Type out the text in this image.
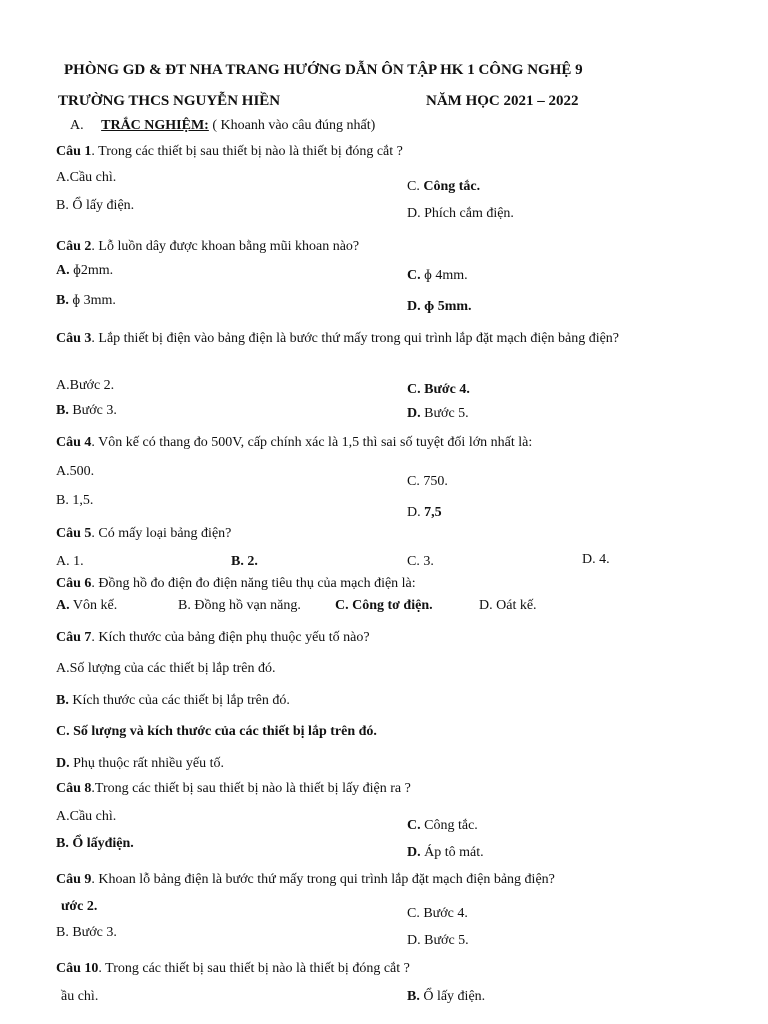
PHÒNG GD & ĐT NHA TRANG HƯỚNG DẪN ÔN TẬP HK 1 CÔNG NGHỆ 9
TRƯỜNG THCS NGUYỄN HIỀN	NĂM HỌC 2021 – 2022
A. TRẮC NGHIỆM: ( Khoanh vào câu đúng nhất)
Câu 1. Trong các thiết bị sau thiết bị nào là thiết bị đóng cắt ?
A.Cầu chì.
B. Ổ lấy điện.
C. Công tắc.
D. Phích cắm điện.
Câu 2. Lỗ luồn dây được khoan bằng mũi khoan nào?
A. ɸ2mm.
B. ɸ 3mm.
C. ɸ 4mm.
D. ɸ 5mm.
Câu 3. Lắp thiết bị điện vào bảng điện là bước thứ mấy trong qui trình lắp đặt mạch điện bảng điện?
A.Bước 2.
B. Bước 3.
C. Bước 4.
D. Bước 5.
Câu 4. Vôn kế có thang đo 500V, cấp chính xác là 1,5 thì sai số tuyệt đối lớn nhất là:
A.500.
B. 1,5.
C. 750.
D. 7,5
Câu 5. Có mấy loại bảng điện?
A. 1.	B. 2.	C. 3.	D. 4.
Câu 6. Đồng hồ đo điện đo điện năng tiêu thụ của mạch điện là:
A. Vôn kế.	B. Đồng hồ vạn năng. C. Công tơ điện.	D. Oát kế.
Câu 7. Kích thước của bảng điện phụ thuộc yếu tố nào?
A.Số lượng của các thiết bị lắp trên đó.
B. Kích thước của các thiết bị lắp trên đó.
C. Số lượng và kích thước của các thiết bị lắp trên đó.
D. Phụ thuộc rất nhiều yếu tố.
Câu 8.Trong các thiết bị sau thiết bị nào là thiết bị lấy điện ra ?
A.Cầu chì.
B. Ổ lấyđiện.
C. Công tắc.
D. Áp tô mát.
Câu 9. Khoan lỗ bảng điện là bước thứ mấy trong qui trình lắp đặt mạch điện bảng điện?
ước 2.
B. Bước 3.
C. Bước 4.
D. Bước 5.
Câu 10. Trong các thiết bị sau thiết bị nào là thiết bị đóng cắt ?
ầu chì.	B. Ổ lấy điện.
